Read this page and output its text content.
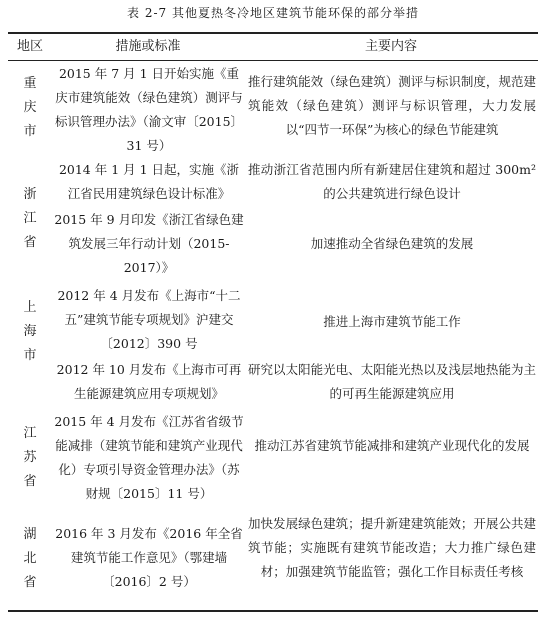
表 2-7 其他夏热冬冷地区建筑节能环保的部分举措
地区	措施或标准	主要内容
重
庆
市
2015 年 7 月 1 日开始实施《重庆市建筑能效（绿色建筑）测评与标识管理办法》（渝文审〔2015〕31 号）
推行建筑能效（绿色建筑）测评与标识制度，规范建筑能效（绿色建筑）测评与标识管理，大力发展以“四节一环保”为核心的绿色节能建筑
浙
江
省
2014 年 1 月 1 日起，实施《浙江省民用建筑绿色设计标准》
推动浙江省范围内所有新建居住建筑和超过 300m² 的公共建筑进行绿色设计
2015 年 9 月印发《浙江省绿色建筑发展三年行动计划（2015-2017）》
加速推动全省绿色建筑的发展
上
海
市
2012 年 4 月发布《上海市“十二五”建筑节能专项规划》沪建交〔2012〕390 号
推进上海市建筑节能工作
2012 年 10 月发布《上海市可再生能源建筑应用专项规划》
研究以太阳能光电、太阳能光热以及浅层地热能为主的可再生能源建筑应用
江
苏
省
2015 年 4 月发布《江苏省省级节能减排（建筑节能和建筑产业现代化）专项引导资金管理办法》（苏财规〔2015〕11 号）
推动江苏省建筑节能减排和建筑产业现代化的发展
湖
北
省
2016 年 3 月发布《2016 年全省建筑节能工作意见》（鄂建墙〔2016〕2 号）
加快发展绿色建筑；提升新建建筑能效；开展公共建筑节能；实施既有建筑节能改造；大力推广绿色建材；加强建筑节能监管；强化工作目标责任考核
